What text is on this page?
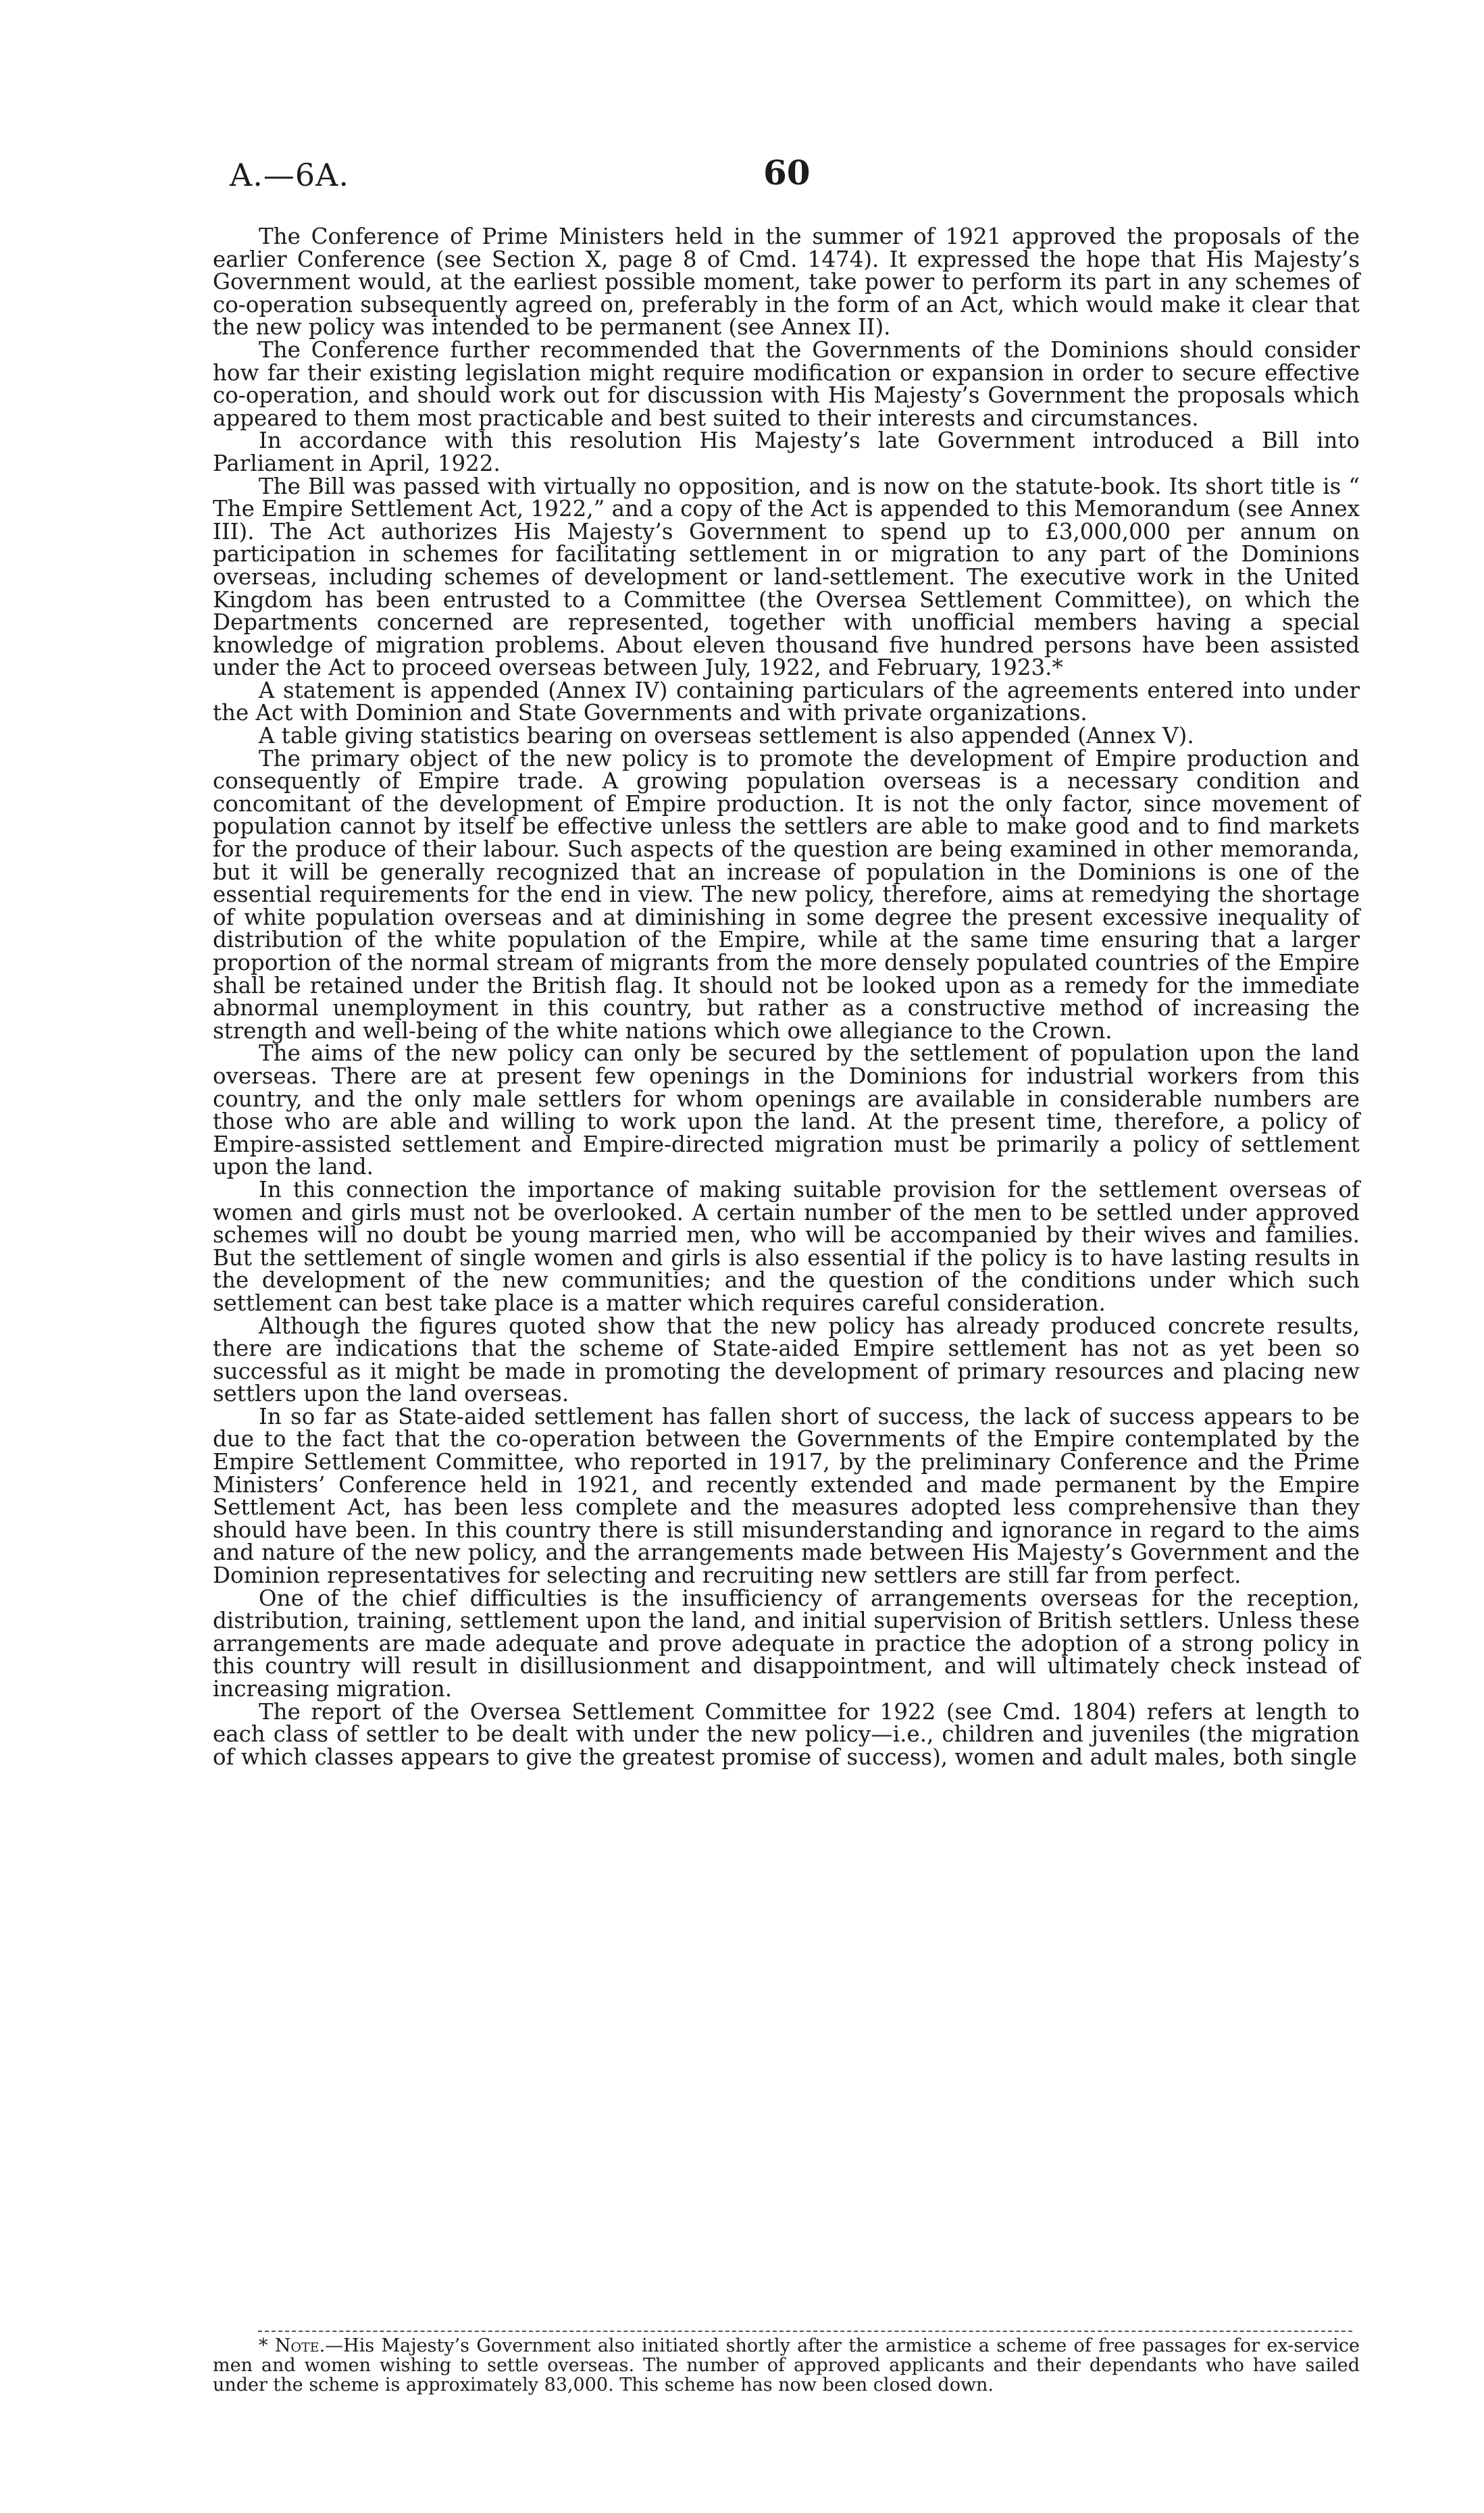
A.—6A.	60

The Conference of Prime Ministers held in the summer of 1921 approved the proposals of the earlier Conference (see Section X, page 8 of Cmd. 1474). It expressed the hope that His Majesty’s Government would, at the earliest possible moment, take power to perform its part in any schemes of co-operation subsequently agreed on, preferably in the form of an Act, which would make it clear that the new policy was intended to be permanent (see Annex II).

The Conference further recommended that the Governments of the Dominions should consider how far their existing legislation might require modification or expansion in order to secure effective co-operation, and should work out for discussion with His Majesty’s Government the proposals which appeared to them most practicable and best suited to their interests and circumstances.

In accordance with this resolution His Majesty’s late Government introduced a Bill into Parliament in April, 1922.

The Bill was passed with virtually no opposition, and is now on the statute-book. Its short title is “ The Empire Settlement Act, 1922,” and a copy of the Act is appended to this Memorandum (see Annex III). The Act authorizes His Majesty’s Government to spend up to £3,000,000 per annum on participation in schemes for facilitating settlement in or migration to any part of the Dominions overseas, including schemes of development or land-settlement. The executive work in the United Kingdom has been entrusted to a Committee (the Oversea Settlement Committee), on which the Departments concerned are represented, together with unofficial members having a special knowledge of migration problems. About eleven thousand five hundred persons have been assisted under the Act to proceed overseas between July, 1922, and February, 1923.*

A statement is appended (Annex IV) containing particulars of the agreements entered into under the Act with Dominion and State Governments and with private organizations.

A table giving statistics bearing on overseas settlement is also appended (Annex V).

The primary object of the new policy is to promote the development of Empire production and consequently of Empire trade. A growing population overseas is a necessary condition and concomitant of the development of Empire production. It is not the only factor, since movement of population cannot by itself be effective unless the settlers are able to make good and to find markets for the produce of their labour. Such aspects of the question are being examined in other memoranda, but it will be generally recognized that an increase of population in the Dominions is one of the essential requirements for the end in view. The new policy, therefore, aims at remedying the shortage of white population overseas and at diminishing in some degree the present excessive inequality of distribution of the white population of the Empire, while at the same time ensuring that a larger proportion of the normal stream of migrants from the more densely populated countries of the Empire shall be retained under the British flag. It should not be looked upon as a remedy for the immediate abnormal unemployment in this country, but rather as a constructive method of increasing the strength and well-being of the white nations which owe allegiance to the Crown.

The aims of the new policy can only be secured by the settlement of population upon the land overseas. There are at present few openings in the Dominions for industrial workers from this country, and the only male settlers for whom openings are available in considerable numbers are those who are able and willing to work upon the land. At the present time, therefore, a policy of Empire-assisted settlement and Empire-directed migration must be primarily a policy of settlement upon the land.

In this connection the importance of making suitable provision for the settlement overseas of women and girls must not be overlooked. A certain number of the men to be settled under approved schemes will no doubt be young married men, who will be accompanied by their wives and families. But the settlement of single women and girls is also essential if the policy is to have lasting results in the development of the new communities; and the question of the conditions under which such settlement can best take place is a matter which requires careful consideration.

Although the figures quoted show that the new policy has already produced concrete results, there are indications that the scheme of State-aided Empire settlement has not as yet been so successful as it might be made in promoting the development of primary resources and placing new settlers upon the land overseas.

In so far as State-aided settlement has fallen short of success, the lack of success appears to be due to the fact that the co-operation between the Governments of the Empire contemplated by the Empire Settlement Committee, who reported in 1917, by the preliminary Conference and the Prime Ministers’ Conference held in 1921, and recently extended and made permanent by the Empire Settlement Act, has been less complete and the measures adopted less comprehensive than they should have been. In this country there is still misunderstanding and ignorance in regard to the aims and nature of the new policy, and the arrangements made between His Majesty’s Government and the Dominion representatives for selecting and recruiting new settlers are still far from perfect.

One of the chief difficulties is the insufficiency of arrangements overseas for the reception, distribution, training, settlement upon the land, and initial supervision of British settlers. Unless these arrangements are made adequate and prove adequate in practice the adoption of a strong policy in this country will result in disillusionment and disappointment, and will ultimately check instead of increasing migration.

The report of the Oversea Settlement Committee for 1922 (see Cmd. 1804) refers at length to each class of settler to be dealt with under the new policy—i.e., children and juveniles (the migration of which classes appears to give the greatest promise of success), women and adult males, both single

* Note.—His Majesty’s Government also initiated shortly after the armistice a scheme of free passages for ex-service men and women wishing to settle overseas. The number of approved applicants and their dependants who have sailed under the scheme is approximately 83,000. This scheme has now been closed down.
